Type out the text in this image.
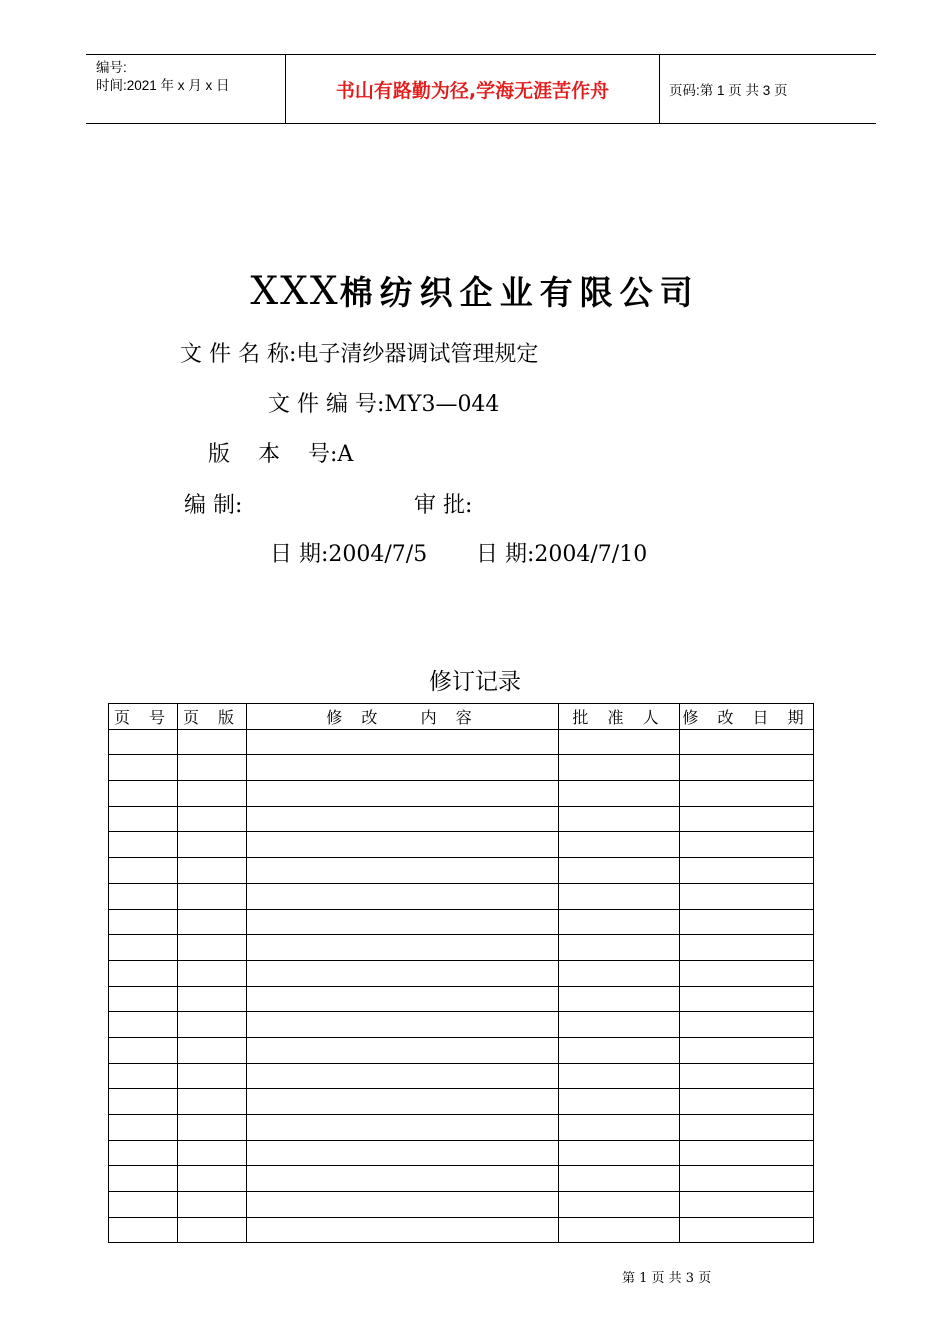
编号:
时间:2021 年 x 月 x 日	书山有路勤为径,学海无涯苦作舟	页码:第 1 页 共 3 页
XXX棉纺织企业有限公司
文 件 名 称:电子清纱器调试管理规定
文 件 编 号:MY3—044
版    本    号:A
编 制:	审 批:
日 期:2004/7/5 日 期:2004/7/10
修订记录
页 号	页 版	修 改   内 容	批 准 人	修 改 日 期

第 1 页 共 3 页
